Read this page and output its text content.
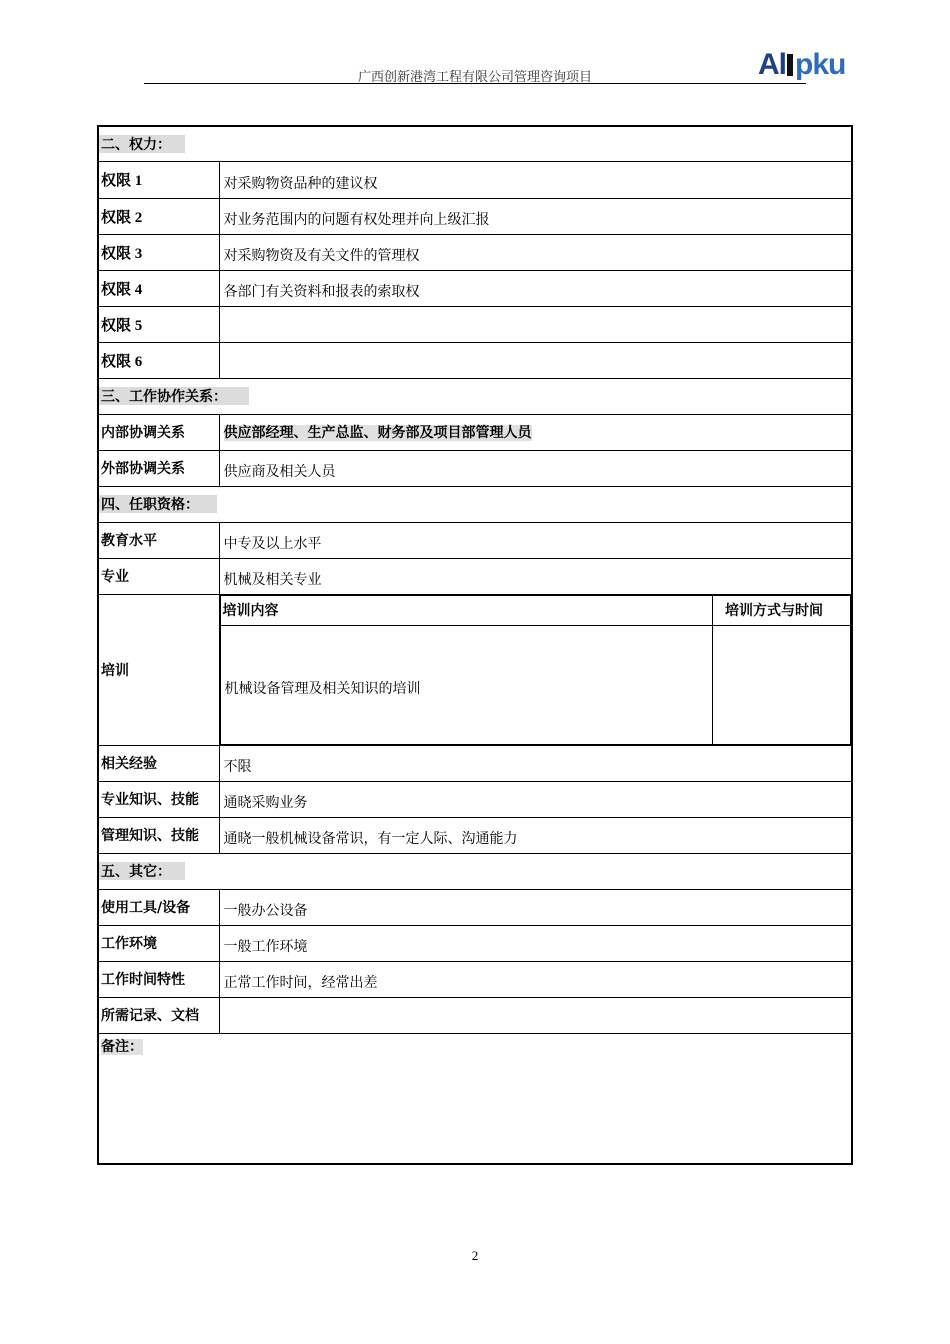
广西创新港湾工程有限公司管理咨询项目	Al pku
二、权力：
权限 1	对采购物资品种的建议权
权限 2	对业务范围内的问题有权处理并向上级汇报
权限 3	对采购物资及有关文件的管理权
权限 4	各部门有关资料和报表的索取权
权限 5	
权限 6	
三、工作协作关系：
内部协调关系	供应部经理、生产总监、财务部及项目部管理人员
外部协调关系	供应商及相关人员
四、任职资格：
教育水平	中专及以上水平
专业	机械及相关专业
培训	
培训内容	培训方式与时间
机械设备管理及相关知识的培训	

相关经验	不限
专业知识、技能	通晓采购业务
管理知识、技能	通晓一般机械设备常识，有一定人际、沟通能力
五、其它：
使用工具/设备	一般办公设备
工作环境	一般工作环境
工作时间特性	正常工作时间，经常出差
所需记录、文档	
备注：
2
